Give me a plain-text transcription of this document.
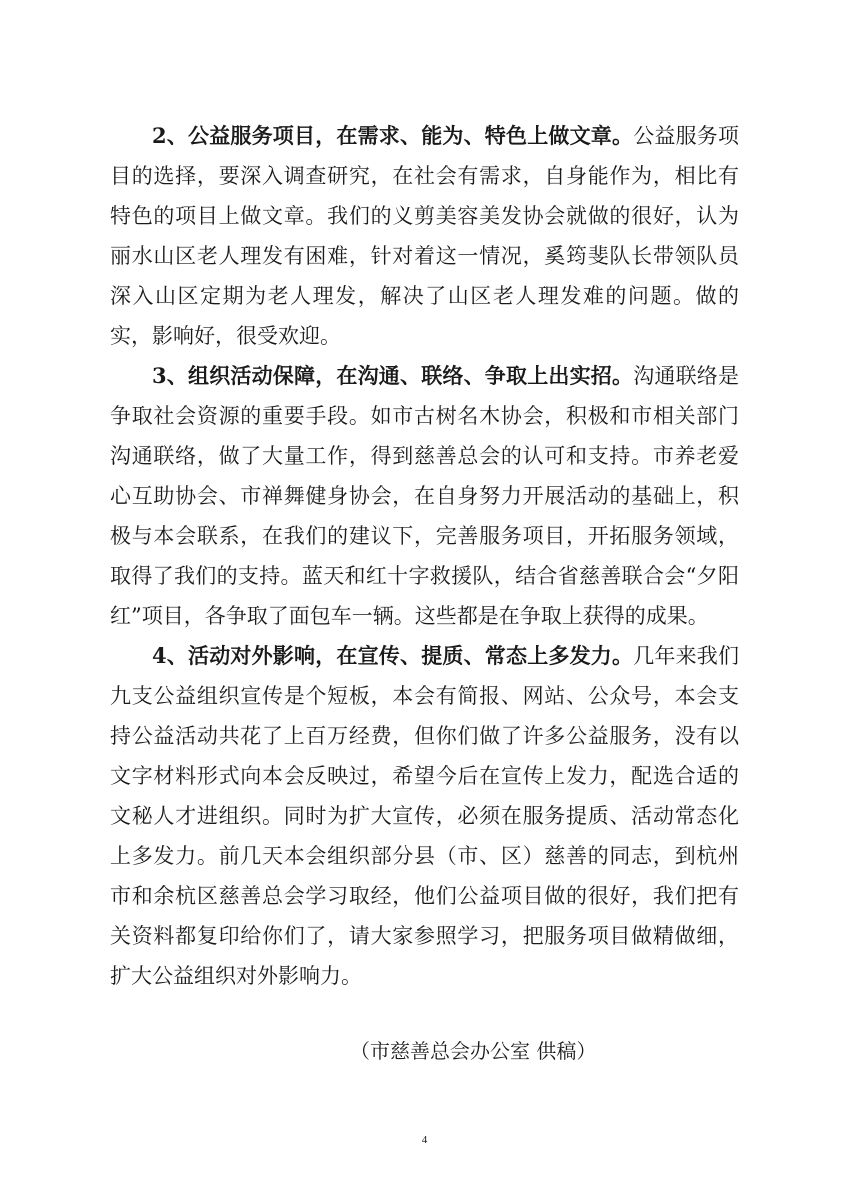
2、公益服务项目，在需求、能为、特色上做文章。公益服务项目的选择，要深入调查研究，在社会有需求，自身能作为，相比有特色的项目上做文章。我们的义剪美容美发协会就做的很好，认为丽水山区老人理发有困难，针对着这一情况，奚筠斐队长带领队员深入山区定期为老人理发，解决了山区老人理发难的问题。做的实，影响好，很受欢迎。

3、组织活动保障，在沟通、联络、争取上出实招。沟通联络是争取社会资源的重要手段。如市古树名木协会，积极和市相关部门沟通联络，做了大量工作，得到慈善总会的认可和支持。市养老爱心互助协会、市禅舞健身协会，在自身努力开展活动的基础上，积极与本会联系，在我们的建议下，完善服务项目，开拓服务领域，取得了我们的支持。蓝天和红十字救援队，结合省慈善联合会“夕阳红”项目，各争取了面包车一辆。这些都是在争取上获得的成果。

4、活动对外影响，在宣传、提质、常态上多发力。几年来我们九支公益组织宣传是个短板，本会有简报、网站、公众号，本会支持公益活动共花了上百万经费，但你们做了许多公益服务，没有以文字材料形式向本会反映过，希望今后在宣传上发力，配选合适的文秘人才进组织。同时为扩大宣传，必须在服务提质、活动常态化上多发力。前几天本会组织部分县（市、区）慈善的同志，到杭州市和余杭区慈善总会学习取经，他们公益项目做的很好，我们把有关资料都复印给你们了，请大家参照学习，把服务项目做精做细，扩大公益组织对外影响力。

（市慈善总会办公室 供稿）
4
